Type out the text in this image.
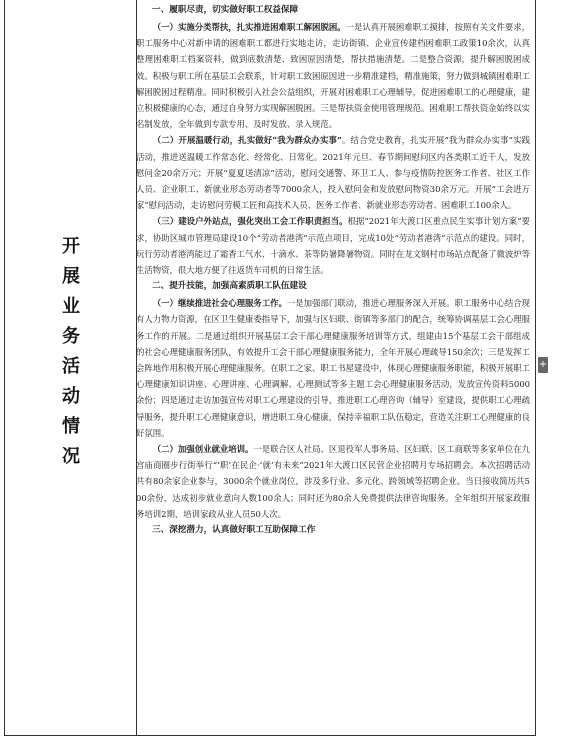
开
展
业
务
活
动
情
况
一、履职尽责，切实做好职工权益保障

（一）实施分类帮扶，扎实推进困难职工解困脱困。一是认真开展困难职工摸排，按照有关文件要求，职工服务中心对新申请的困难职工都进行实地走访，走访街镇、企业宣传建档困难职工政策10余次，认真整理困难职工档案资料，做到底数清楚、致困原因清楚，帮扶措施清楚。二是整合资源，提升解困脱困成效。积极与职工所在基层工会联系，针对职工致困原因进一步精准建档，精准施策，努力做到城镇困难职工解困脱困过程精准。同时积极引入社会公益组织，开展对困难职工心理辅导，促进困难职工的心理健康，建立积极健康的心态，通过自身努力实现解困脱困。三是帮扶资金使用管理规范。困难职工帮扶资金始终以实名制发放，全年做到专款专用、及时发放、录入规范。

（二）开展温暖行动，扎实做好“我为群众办实事”。结合党史教育，扎实开展“我为群众办实事”实践活动，推进送温暖工作常态化、经常化、日常化。2021年元旦、春节期间慰问区内各类职工近千人，发放慰问金20余万元；开展“夏夏送清凉”活动，慰问交通警、环卫工人、参与疫情防控医务工作者、社区工作人员、企业职工、新就业形态劳动者等7000余人，投入慰问金和发放慰问物资30余万元。开展“工会进万家”慰问活动，走访慰问劳模工匠和高技术人员、医务工作者、新就业形态劳动者、困难职工100余人。

（三）建设户外站点，强化突出工会工作职责担当。根据“2021年大渡口区重点民生实事计划方案”要求，协助区城市管理局建设10个“劳动者港湾”示范点项目，完成10处“劳动者港湾”示范点的建设。同时，玩行劳动者港湾能过了霜香工气水、十滴水、茶等防暑降暑物资。同时在龙文钢村市场站点配备了微波炉等生活物资，很大地方便了往返货车司机的日常生活。

二、提升技能，加强高素质职工队伍建设

（一）继续推进社会心理服务工作。一是加强部门联动，推进心理服务深入开展。职工服务中心结合现有人力物力资源，在区卫生健康委指导下，加强与区妇联、街镇等多部门的配合，统筹协调基层工会心理服务工作的开展。二是通过组织开展基层工会干部心理健康服务培训等方式，组建由15个基层工会干部组成的社会心理健康服务团队，有效提升工会干部心理健康服务能力，全年开展心理疏导150余次；三是发挥工会阵地作用积极开展心理健康服务。在职工之家、职工书屋建设中，体现心理健康服务职能，积极开展职工心理健康知识讲座、心理讲座、心理调解、心理测试等多主题工会心理健康服务活动，发放宣传资料5000余份；四是通过走访加强宣传对职工心理建设的引导，推进职工心理咨询（辅导）室建设，提供职工心理疏导服务，提升职工心理健康意识，增进职工身心健康，保持幸福职工队伍稳定，营造关注职工心理健康的良好氛围。

（二）加强创业就业培训。一是联合区人社局、区退役军人事务局、区妇联、区工商联等多家单位在九宫庙商圈步行街举行“‘职’在民企·‘就’有未来”2021年大渡口区民营企业招聘月专场招聘会。本次招聘活动共有80余家企业参与，3000余个就业岗位，涉及多行业、多元化、跨领域等招聘企业。当日接收简历共500余份，达成初步就业意向人数100余人；同时还为80余人免费提供法律咨询服务。全年组织开展家政服务培训2期，培训家政从业人员50人次。

三、深挖潜力，认真做好职工互助保障工作
+
